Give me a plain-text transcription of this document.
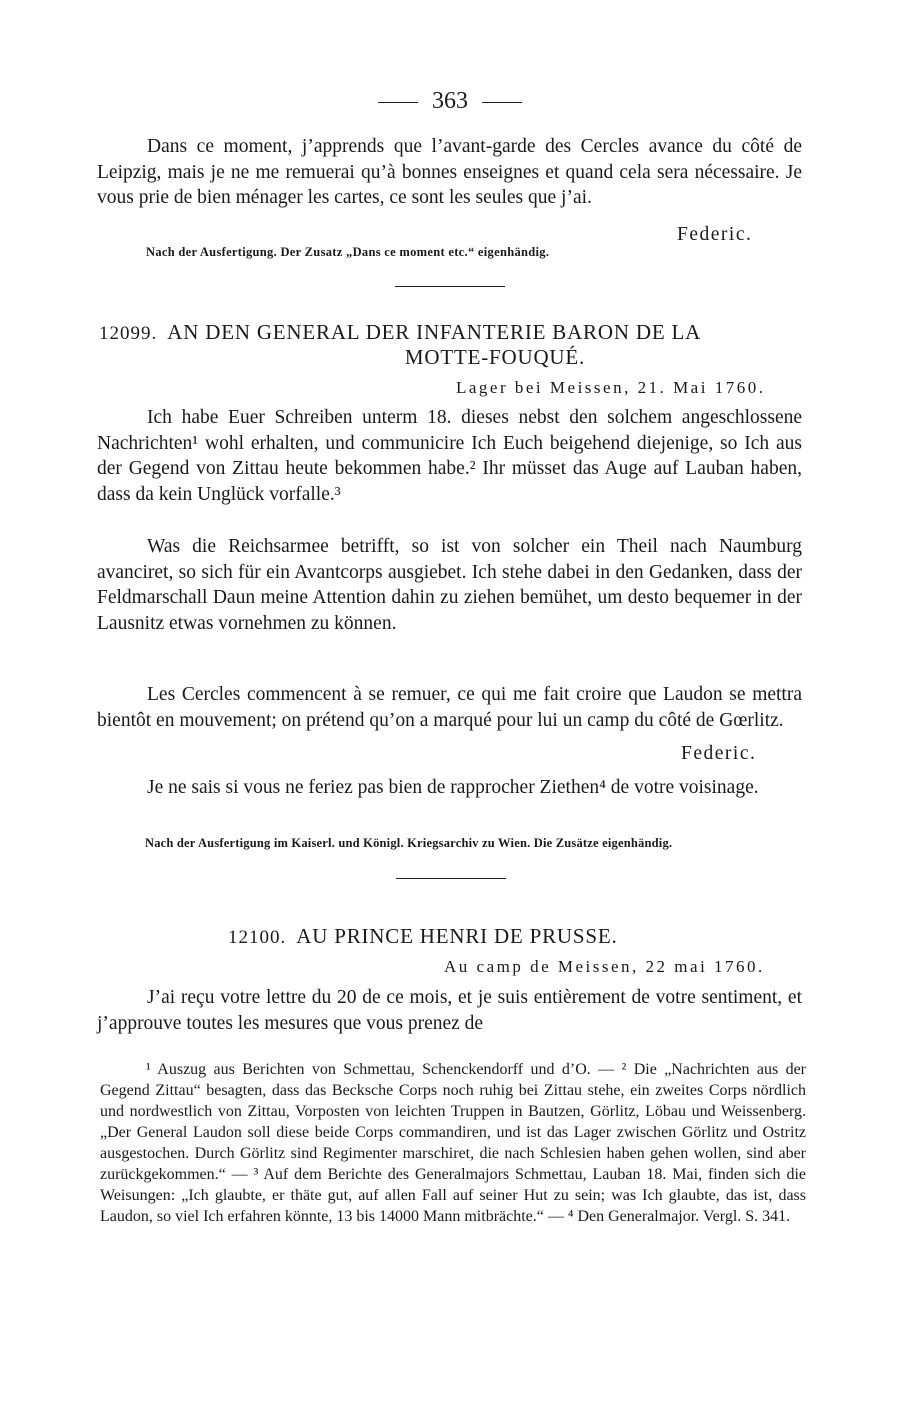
363
Dans ce moment, j’apprends que l’avant-garde des Cercles avance du côté de Leipzig, mais je ne me remuerai qu’à bonnes enseignes et quand cela sera nécessaire. Je vous prie de bien ménager les cartes, ce sont les seules que j’ai.
Federic.
Nach der Ausfertigung. Der Zusatz „Dans ce moment etc.“ eigenhändig.
12099. AN DEN GENERAL DER INFANTERIE BARON DE LA
MOTTE-FOUQUÉ.
Lager bei Meissen, 21. Mai 1760.
Ich habe Euer Schreiben unterm 18. dieses nebst den solchem angeschlossene Nachrichten¹ wohl erhalten, und communicire Ich Euch beigehend diejenige, so Ich aus der Gegend von Zittau heute bekommen habe.² Ihr müsset das Auge auf Lauban haben, dass da kein Unglück vorfalle.³
Was die Reichsarmee betrifft, so ist von solcher ein Theil nach Naumburg avanciret, so sich für ein Avantcorps ausgiebet. Ich stehe dabei in den Gedanken, dass der Feldmarschall Daun meine Attention dahin zu ziehen bemühet, um desto bequemer in der Lausnitz etwas vornehmen zu können.
Les Cercles commencent à se remuer, ce qui me fait croire que Laudon se mettra bientôt en mouvement; on prétend qu’on a marqué pour lui un camp du côté de Gœrlitz.
Federic.
Je ne sais si vous ne feriez pas bien de rapprocher Ziethen⁴ de votre voisinage.
Nach der Ausfertigung im Kaiserl. und Königl. Kriegsarchiv zu Wien. Die Zusätze eigenhändig.
12100. AU PRINCE HENRI DE PRUSSE.
Au camp de Meissen, 22 mai 1760.
J’ai reçu votre lettre du 20 de ce mois, et je suis entièrement de votre sentiment, et j’approuve toutes les mesures que vous prenez de
¹ Auszug aus Berichten von Schmettau, Schenckendorff und d’O. — ² Die „Nachrichten aus der Gegend Zittau“ besagten, dass das Becksche Corps noch ruhig bei Zittau stehe, ein zweites Corps nördlich und nordwestlich von Zittau, Vorposten von leichten Truppen in Bautzen, Görlitz, Löbau und Weissenberg. „Der General Laudon soll diese beide Corps commandiren, und ist das Lager zwischen Görlitz und Ostritz ausgestochen. Durch Görlitz sind Regimenter marschiret, die nach Schlesien haben gehen wollen, sind aber zurückgekommen.“ — ³ Auf dem Berichte des Generalmajors Schmettau, Lauban 18. Mai, finden sich die Weisungen: „Ich glaubte, er thäte gut, auf allen Fall auf seiner Hut zu sein; was Ich glaubte, das ist, dass Laudon, so viel Ich erfahren könnte, 13 bis 14000 Mann mitbrächte.“ — ⁴ Den Generalmajor. Vergl. S. 341.
